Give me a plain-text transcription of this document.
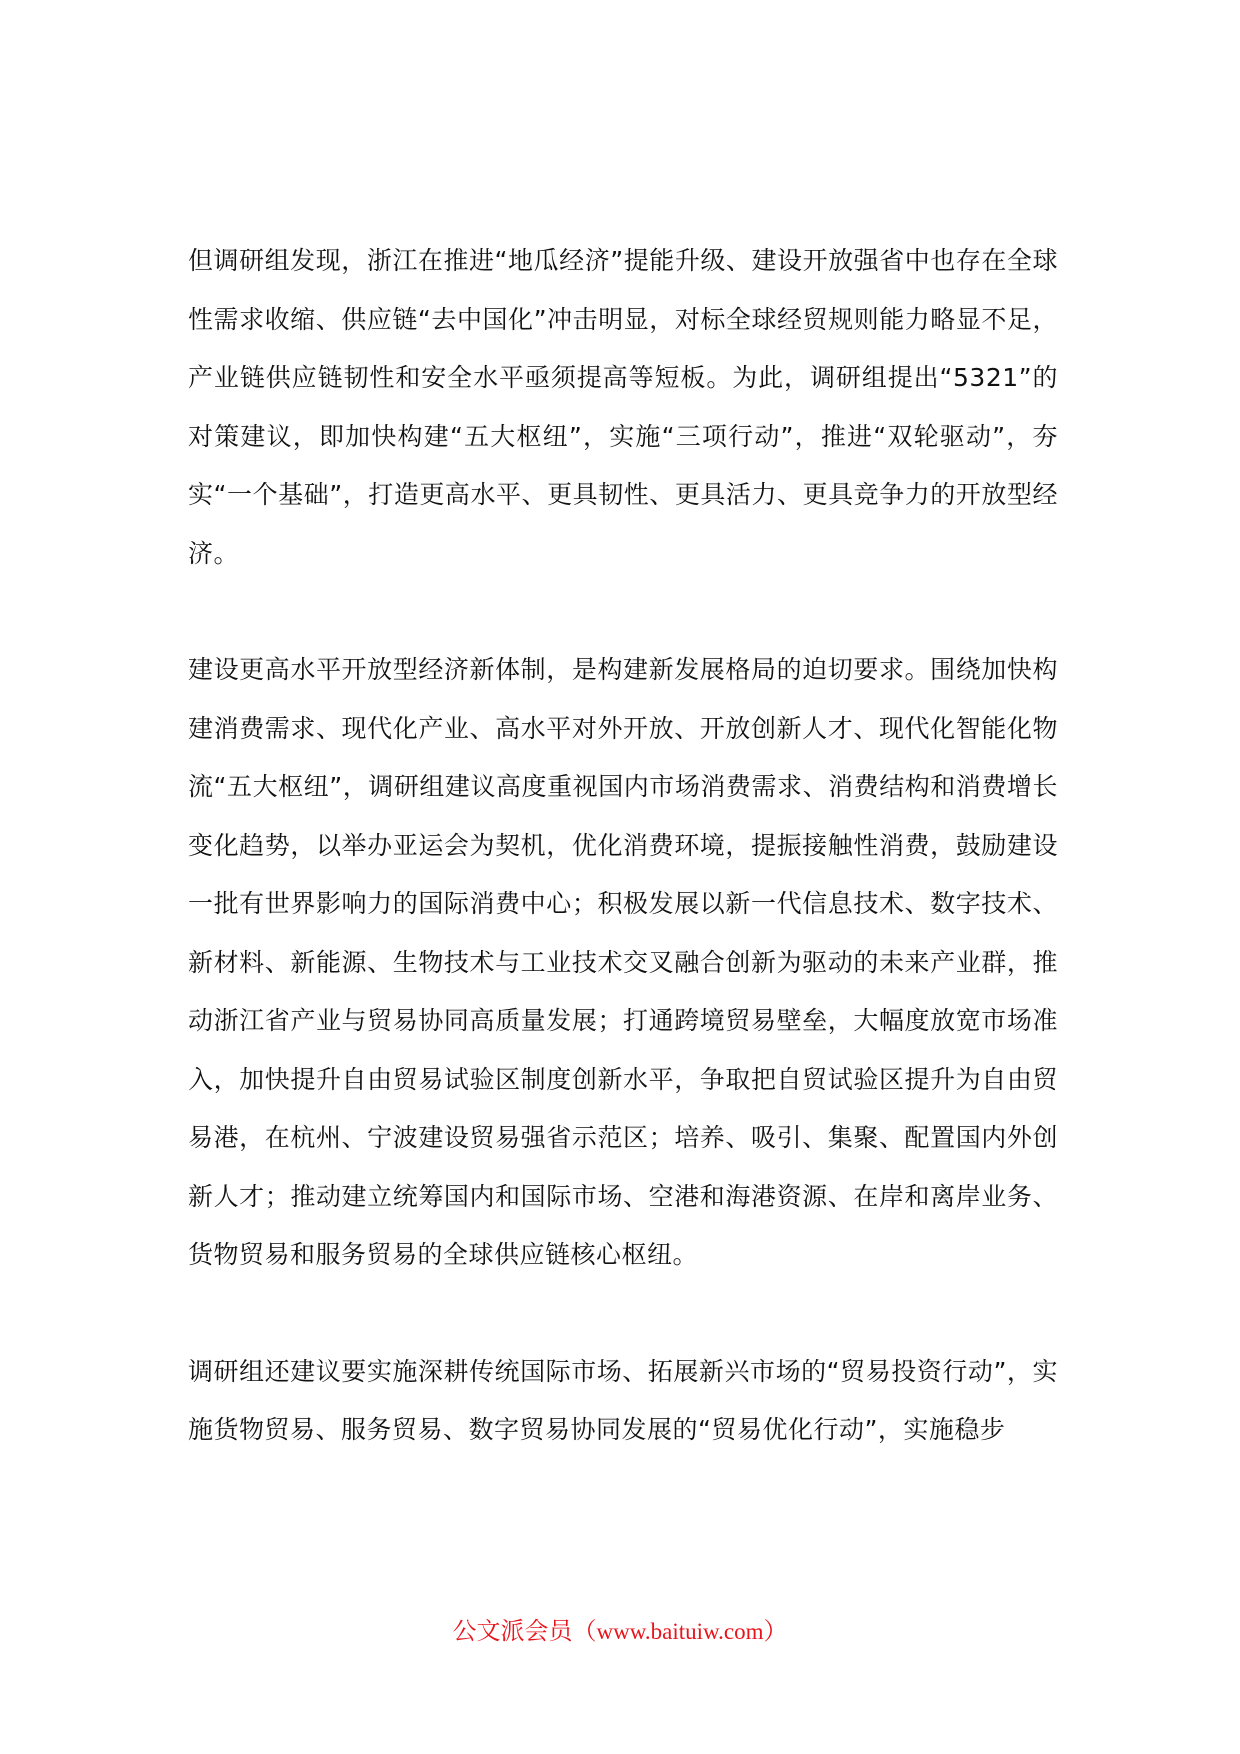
但调研组发现，浙江在推进“地瓜经济”提能升级、建设开放强省中也存在全球性需求收缩、供应链“去中国化”冲击明显，对标全球经贸规则能力略显不足，产业链供应链韧性和安全水平亟须提高等短板。为此，调研组提出“5321”的对策建议，即加快构建“五大枢纽”，实施“三项行动”，推进“双轮驱动”，夯实“一个基础”，打造更高水平、更具韧性、更具活力、更具竞争力的开放型经济。

建设更高水平开放型经济新体制，是构建新发展格局的迫切要求。围绕加快构建消费需求、现代化产业、高水平对外开放、开放创新人才、现代化智能化物流“五大枢纽”，调研组建议高度重视国内市场消费需求、消费结构和消费增长变化趋势，以举办亚运会为契机，优化消费环境，提振接触性消费，鼓励建设一批有世界影响力的国际消费中心；积极发展以新一代信息技术、数字技术、新材料、新能源、生物技术与工业技术交叉融合创新为驱动的未来产业群，推动浙江省产业与贸易协同高质量发展；打通跨境贸易壁垒，大幅度放宽市场准入，加快提升自由贸易试验区制度创新水平，争取把自贸试验区提升为自由贸易港，在杭州、宁波建设贸易强省示范区；培养、吸引、集聚、配置国内外创新人才；推动建立统筹国内和国际市场、空港和海港资源、在岸和离岸业务、货物贸易和服务贸易的全球供应链核心枢纽。

调研组还建议要实施深耕传统国际市场、拓展新兴市场的“贸易投资行动”，实施货物贸易、服务贸易、数字贸易协同发展的“贸易优化行动”，实施稳步

公文派会员（www.baituiw.com）
